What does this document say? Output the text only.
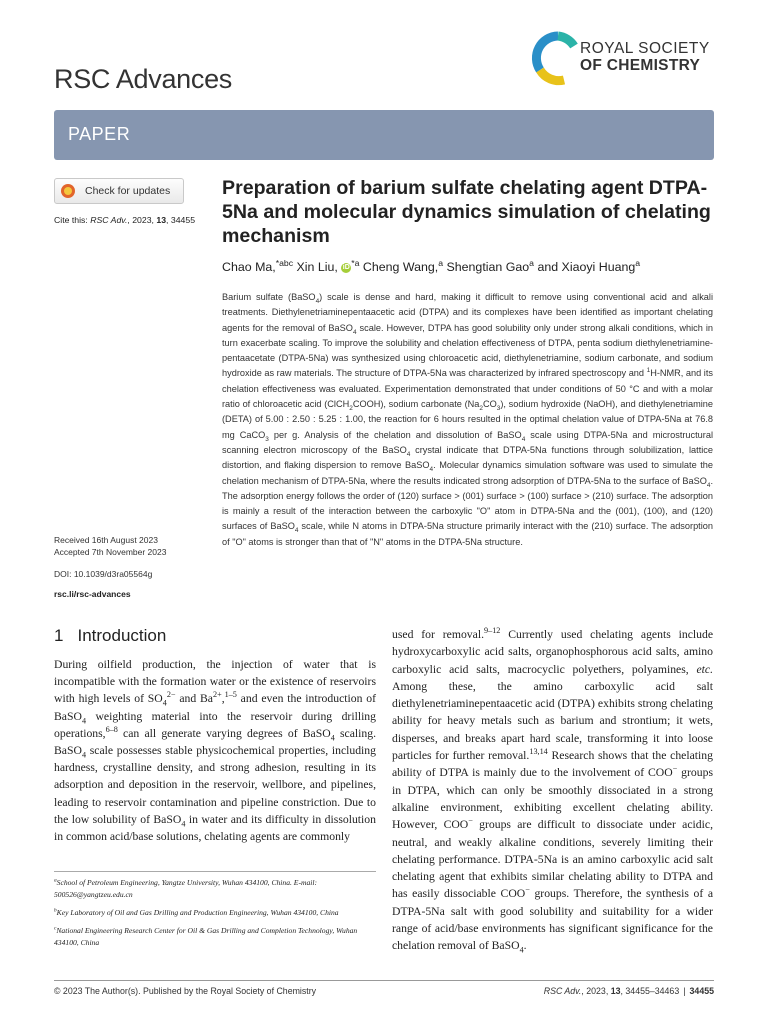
RSC Advances
ROYAL SOCIETY
OF CHEMISTRY
PAPER
Check for updates
Cite this: RSC Adv., 2023, 13, 34455
Preparation of barium sulfate chelating agent DTPA-5Na and molecular dynamics simulation of chelating mechanism
Chao Ma,$^{*abc}$ Xin Liu, iD $^{*a}$ Cheng Wang,$^a$ Shengtian Gao$^a$ and Xiaoyi Huang$^a$
Barium sulfate (BaSO$_4$) scale is dense and hard, making it difficult to remove using conventional acid and alkali treatments. Diethylenetriaminepentaacetic acid (DTPA) and its complexes have been identified as important chelating agents for the removal of BaSO$_4$ scale. However, DTPA has good solubility only under strong alkali conditions, which in turn exacerbate scaling. To improve the solubility and chelation effectiveness of DTPA, penta sodium diethylenetriamine-pentaacetate (DTPA-5Na) was synthesized using chloroacetic acid, diethylenetriamine, sodium carbonate, and sodium hydroxide as raw materials. The structure of DTPA-5Na was characterized by infrared spectroscopy and $^1$H-NMR, and its chelation effectiveness was evaluated. Experimentation demonstrated that under conditions of 50 °C and with a molar ratio of chloroacetic acid (ClCH$_2$COOH), sodium carbonate $(Na_2CO_3)$, sodium hydroxide (NaOH), and diethylenetriamine (DETA) of 5.00 : 2.50 : 5.25 : 1.00, the reaction for 6 hours resulted in the optimal chelation value of DTPA-5Na at 76.8 mg CaCO$_3$ per g. Analysis of the chelation and dissolution of BaSO$_4$ scale using DTPA-5Na and microstructural scanning electron microscopy of the BaSO$_4$ crystal indicate that DTPA-5Na functions through solubilization, lattice distortion, and flaking dispersion to remove BaSO$_4$. Molecular dynamics simulation software was used to simulate the chelation mechanism of DTPA-5Na, where the results indicated strong adsorption of DTPA-5Na to the surface of BaSO$_4$. The adsorption energy follows the order of (120) surface > (001) surface > (100) surface > (210) surface. The adsorption is mainly a result of the interaction between the carboxylic "O" atom in DTPA-5Na and the (001), (100), and (120) surfaces of BaSO$_4$ scale, while N atoms in DTPA-5Na structure primarily interact with the (210) surface. The adsorption of "O" atoms is stronger than that of "N" atoms in the DTPA-5Na structure.
Received 16th August 2023
Accepted 7th November 2023
DOI: 10.1039/d3ra05564g
rsc.li/rsc-advances
1 Introduction
During oilfield production, the injection of water that is incompatible with the formation water or the existence of reservoirs with high levels of $SO_4^{2-}$ and $Ba^{2+},^{1-5}$ and even the introduction of BaSO$_4$ weighting material into the reservoir during drilling operations,$^{6-8}$ can all generate varying degrees of BaSO$_4$ scaling. BaSO$_4$ scale possesses stable physicochemical properties, including hardness, crystalline density, and strong adhesion, resulting in its adsorption and deposition in the reservoir, wellbore, and pipelines, leading to reservoir contamination and pipeline constriction. Due to the low solubility of BaSO$_4$ in water and its difficulty in dissolution in common acid/base solutions, chelating agents are commonly
used for removal.$^{9-12}$ Currently used chelating agents include hydroxycarboxylic acid salts, organophosphorous acid salts, amino carboxylic acid salts, macrocyclic polyethers, polyamines, etc. Among these, the amino carboxylic acid salt diethylenetriaminepentaacetic acid (DTPA) exhibits strong chelating ability for heavy metals such as barium and strontium; it wets, disperses, and breaks apart hard scale, transforming it into loose particles for further removal.$^{13,14}$ Research shows that the chelating ability of DTPA is mainly due to the involvement of COO− groups in DTPA, which can only be smoothly dissociated in a strong alkaline environment, exhibiting excellent chelating ability. However, COO− groups are difficult to dissociate under acidic, neutral, and weakly alkaline conditions, severely limiting their chelating performance. DTPA-5Na is an amino carboxylic acid salt chelating agent that exhibits similar chelating ability to DTPA and has easily dissociable COO− groups. Therefore, the synthesis of a DTPA-5Na salt with good solubility and suitability for a wider range of acid/base environments has significant significance for the chelation removal of BaSO$_4$.
$^a$School of Petroleum Engineering, Yangtze University, Wuhan 434100, China. E-mail: 500526@yangtzeu.edu.cn
$^b$Key Laboratory of Oil and Gas Drilling and Production Engineering, Wuhan 434100, China
$^c$National Engineering Research Center for Oil & Gas Drilling and Completion Technology, Wuhan 434100, China
© 2023 The Author(s). Published by the Royal Society of Chemistry	RSC Adv., 2023, 13, 34455–34463 | 34455
